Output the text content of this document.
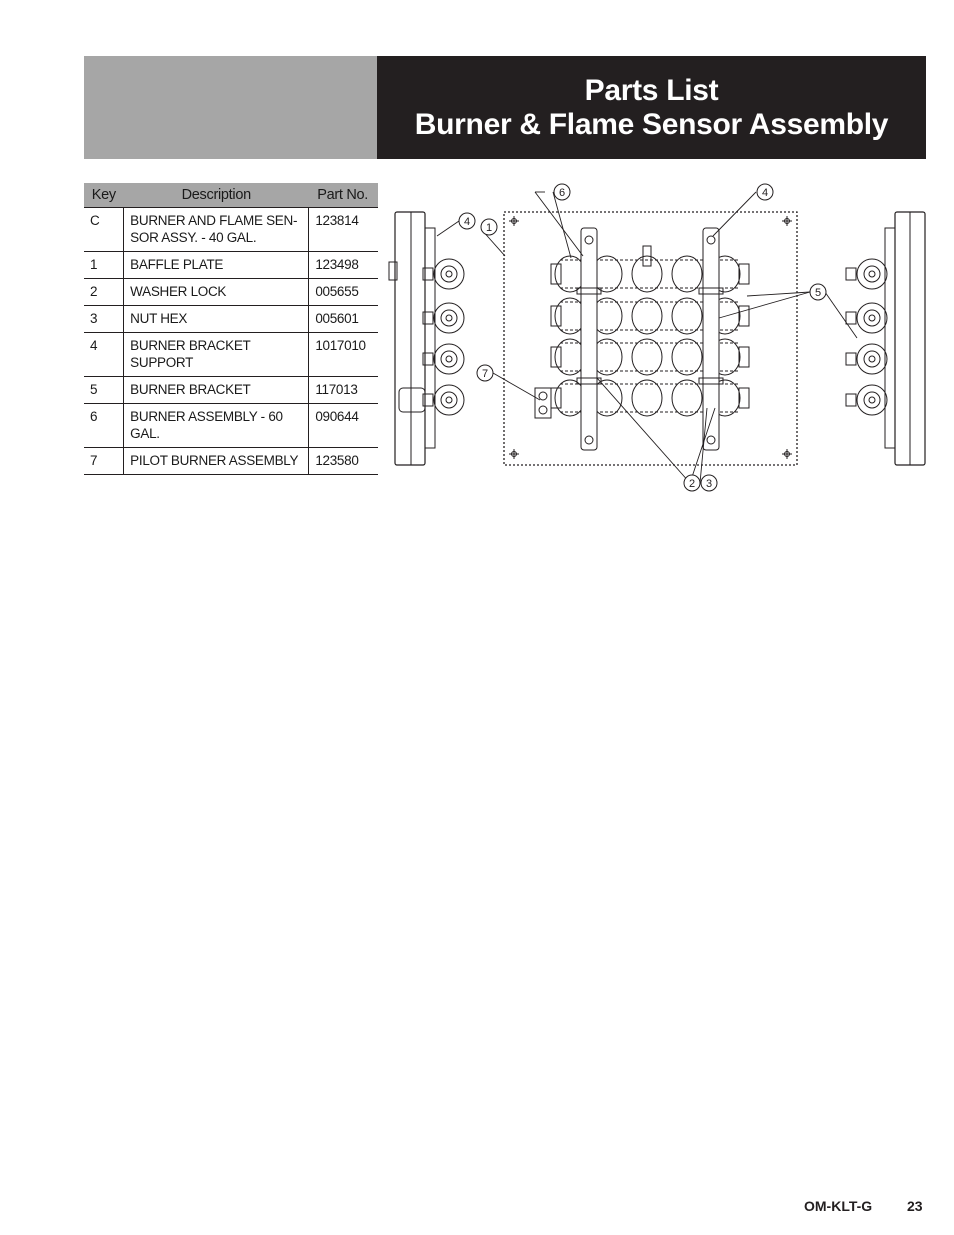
Parts List
Burner & Flame Sensor Assembly
Key	Description	Part No.
C	BURNER AND FLAME SEN-SOR ASSY. - 40 GAL.	123814
1	BAFFLE PLATE	123498
2	WASHER LOCK	005655
3	NUT HEX	005601
4	BURNER BRACKET SUPPORT	1017010
5	BURNER BRACKET	117013
6	BURNER ASSEMBLY - 60 GAL.	090644
7	PILOT BURNER ASSEMBLY	123580
6	4
4 1
5
7
2 3
OM-KLT-G 23
